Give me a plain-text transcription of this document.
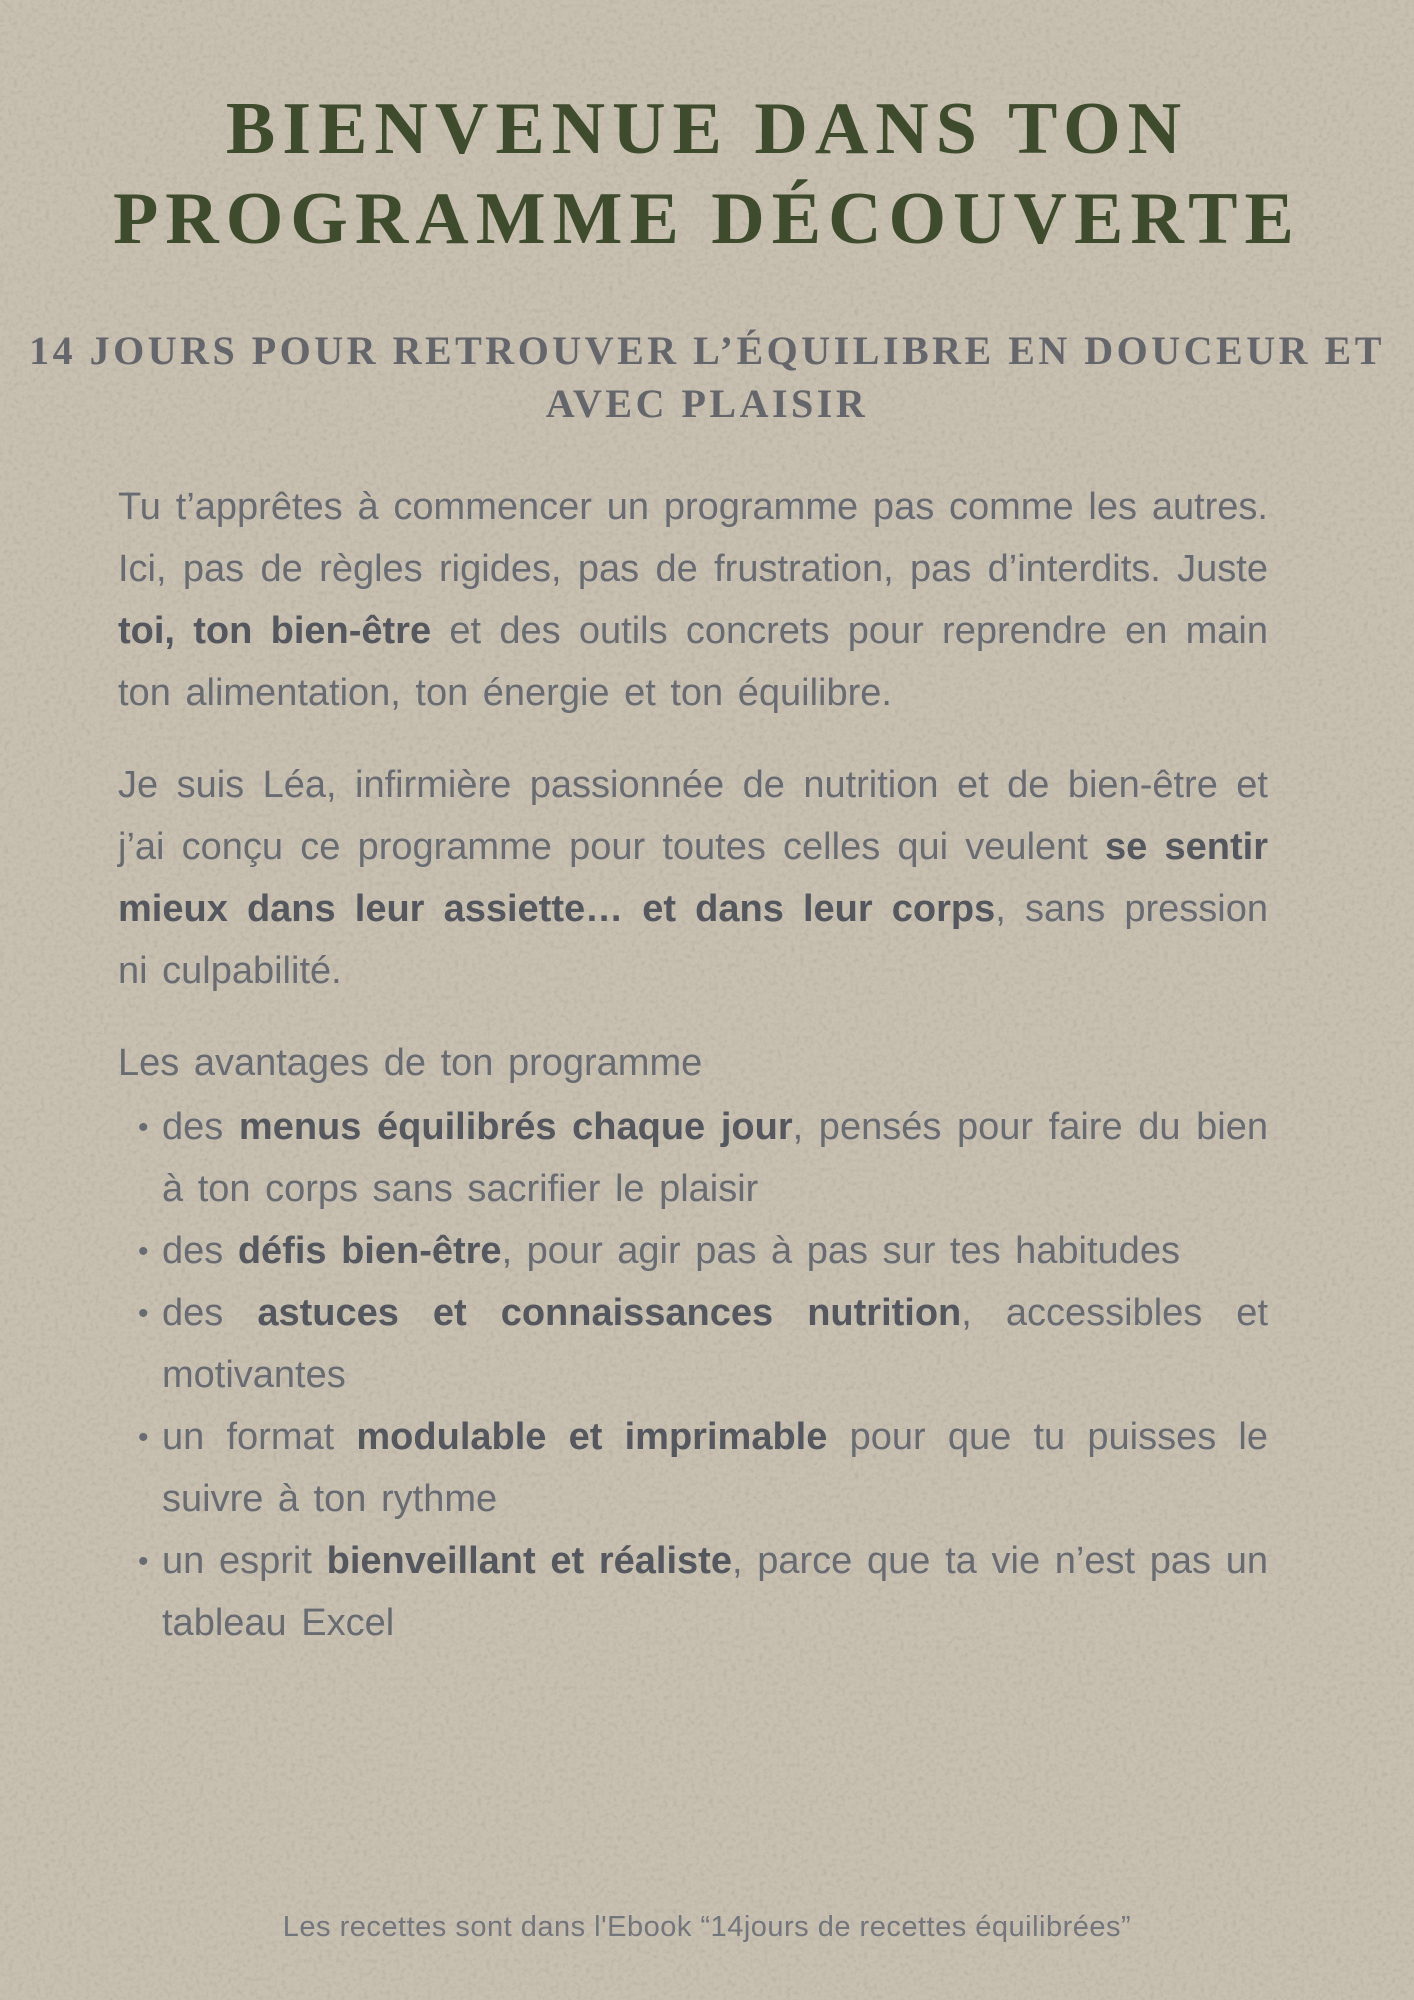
BIENVENUE DANS TON
PROGRAMME DÉCOUVERTE
14 JOURS POUR RETROUVER L’ÉQUILIBRE EN DOUCEUR ET
AVEC PLAISIR

Tu t’apprêtes à commencer un programme pas comme les autres. Ici, pas de règles rigides, pas de frustration, pas d’interdits. Juste toi, ton bien-être et des outils concrets pour reprendre en main ton alimentation, ton énergie et ton équilibre.

Je suis Léa, infirmière passionnée de nutrition et de bien-être et j’ai conçu ce programme pour toutes celles qui veulent se sentir mieux dans leur assiette… et dans leur corps, sans pression ni culpabilité.

Les avantages de ton programme

• des menus équilibrés chaque jour, pensés pour faire du bien à ton corps sans sacrifier le plaisir
• des défis bien-être, pour agir pas à pas sur tes habitudes
• des astuces et connaissances nutrition, accessibles et motivantes
• un format modulable et imprimable pour que tu puisses le suivre à ton rythme
• un esprit bienveillant et réaliste, parce que ta vie n’est pas un tableau Excel
Les recettes sont dans l'Ebook “14jours de recettes équilibrées”
